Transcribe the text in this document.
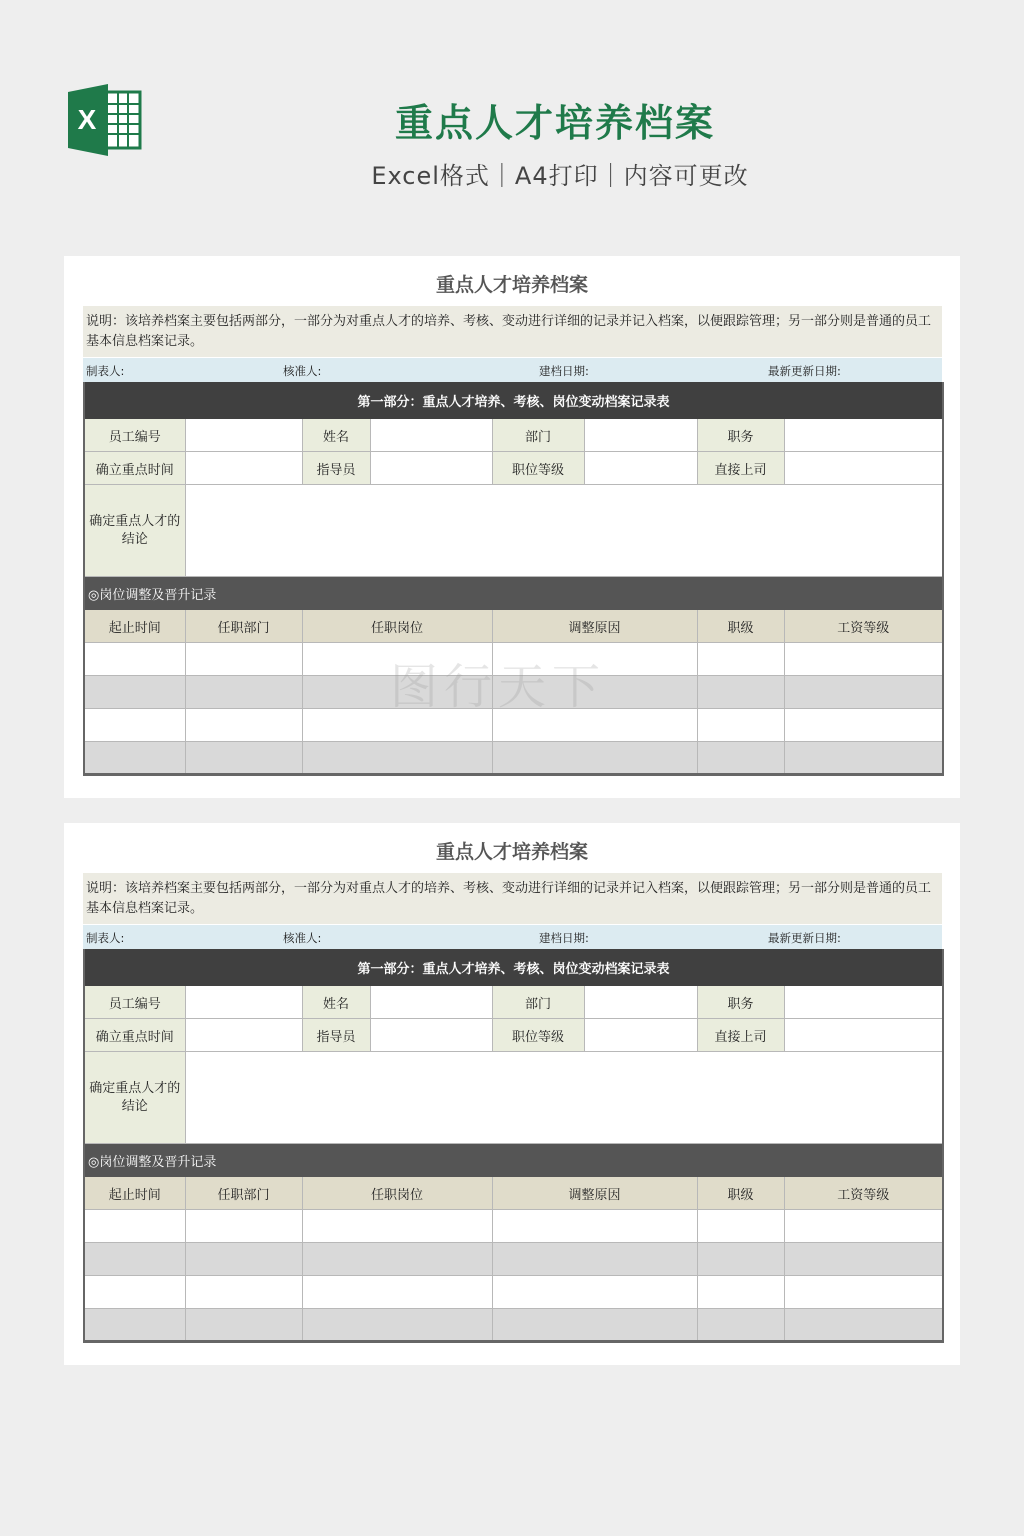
X	重点人才培养档案
Excel格式｜A4打印｜内容可更改
重点人才培养档案
说明：该培养档案主要包括两部分，一部分为对重点人才的培养、考核、变动进行详细的记录并记入档案，以便跟踪管理；另一部分则是普通的员工基本信息档案记录。
制表人:	核准人:	建档日期:	最新更新日期:
第一部分：重点人才培养、考核、岗位变动档案记录表							
员工编号		姓名		部门		职务	
确立重点时间		指导员		职位等级		直接上司	
确定重点人才的结论							
◎岗位调整及晋升记录							
起止时间	任职部门	任职岗位		调整原因		职级	工资等级

重点人才培养档案
说明：该培养档案主要包括两部分，一部分为对重点人才的培养、考核、变动进行详细的记录并记入档案，以便跟踪管理；另一部分则是普通的员工基本信息档案记录。
制表人:	核准人:	建档日期:	最新更新日期:
第一部分：重点人才培养、考核、岗位变动档案记录表							
员工编号		姓名		部门		职务	
确立重点时间		指导员		职位等级		直接上司	
确定重点人才的结论							
◎岗位调整及晋升记录							
起止时间	任职部门	任职岗位		调整原因		职级	工资等级

图行天下
